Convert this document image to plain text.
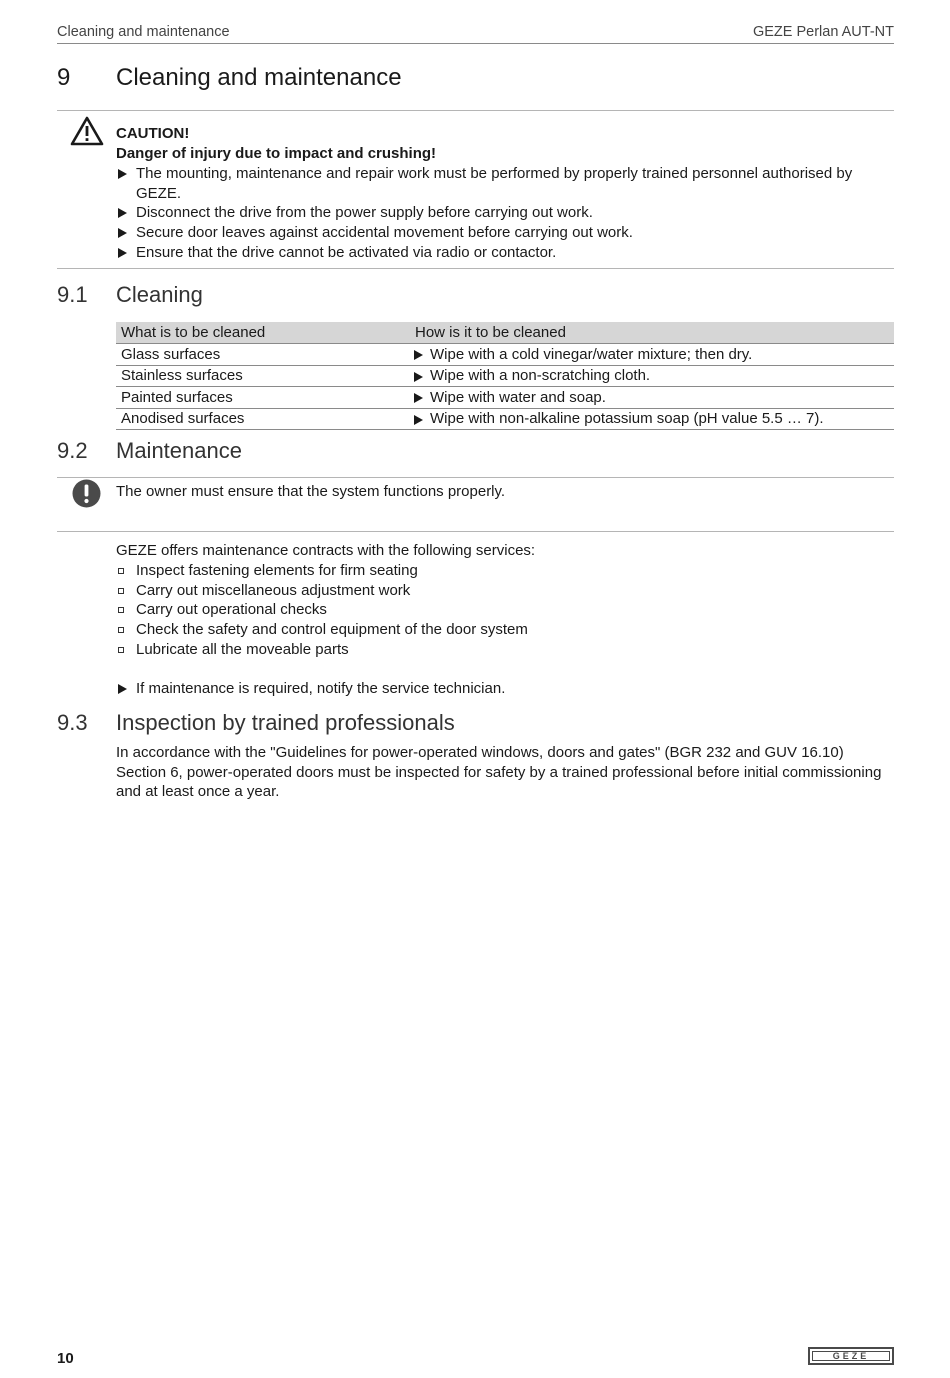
Cleaning and maintenance	GEZE Perlan AUT-NT
9 Cleaning and maintenance
CAUTION!
Danger of injury due to impact and crushing!
The mounting, maintenance and repair work must be performed by properly trained personnel authorised by GEZE.
Disconnect the drive from the power supply before carrying out work.
Secure door leaves against accidental movement before carrying out work.
Ensure that the drive cannot be activated via radio or contactor.
9.1 Cleaning
What is to be cleaned	How is it to be cleaned
Glass surfaces	Wipe with a cold vinegar/water mixture; then dry.
Stainless surfaces	Wipe with a non-scratching cloth.
Painted surfaces	Wipe with water and soap.
Anodised surfaces	Wipe with non-alkaline potassium soap (pH value 5.5 … 7).
9.2 Maintenance
The owner must ensure that the system functions properly.
GEZE offers maintenance contracts with the following services:
Inspect fastening elements for firm seating
Carry out miscellaneous adjustment work
Carry out operational checks
Check the safety and control equipment of the door system
Lubricate all the moveable parts
If maintenance is required, notify the service technician.
9.3 Inspection by trained professionals
In accordance with the "Guidelines for power-operated windows, doors and gates" (BGR 232 and GUV 16.10) Section 6, power-operated doors must be inspected for safety by a trained professional before initial commissioning and at least once a year.
10	GEZE
